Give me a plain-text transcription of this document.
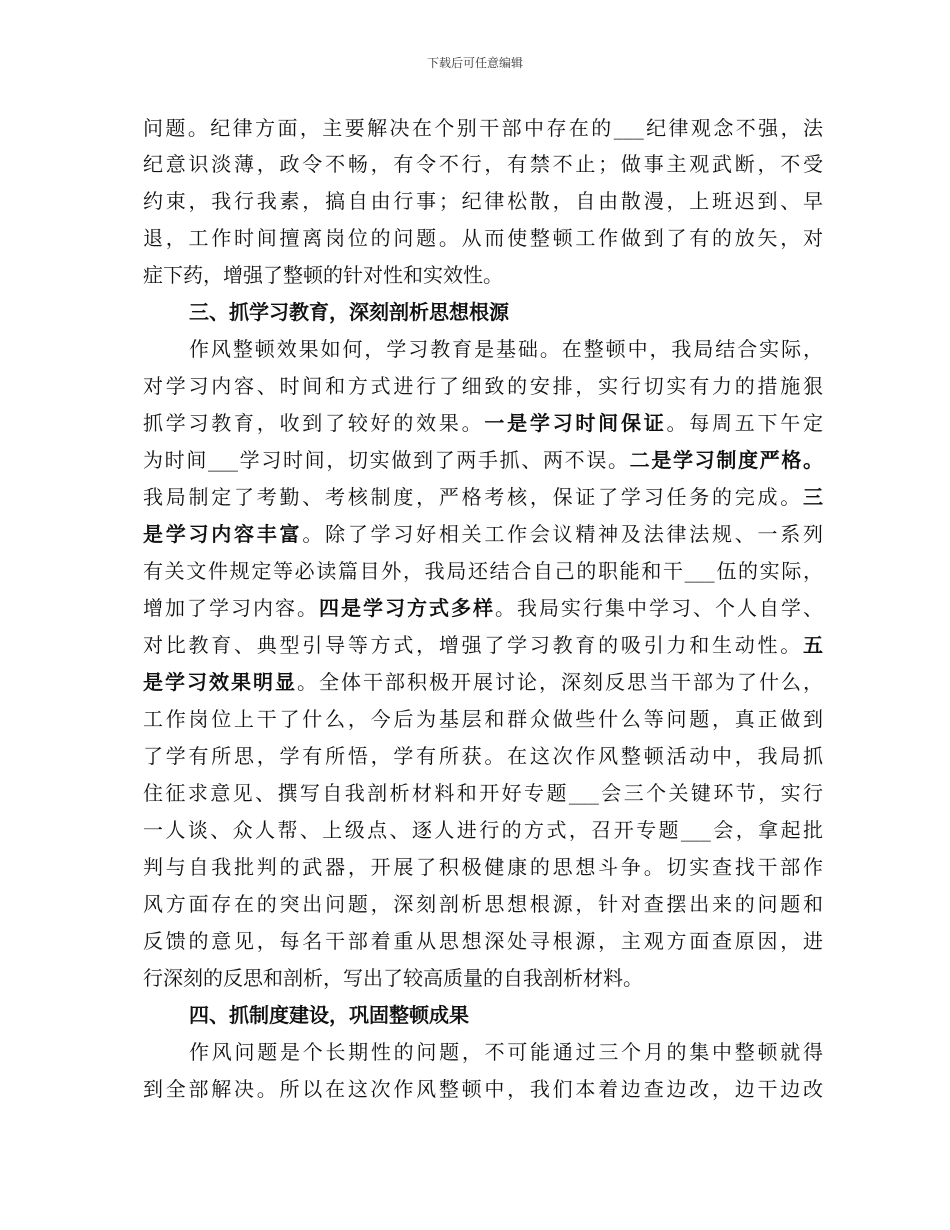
下载后可任意编辑
问题。纪律方面，主要解决在个别干部中存在的___纪律观念不强，法
纪意识淡薄，政令不畅，有令不行，有禁不止；做事主观武断，不受
约束，我行我素，搞自由行事；纪律松散，自由散漫，上班迟到、早
退，工作时间擅离岗位的问题。从而使整顿工作做到了有的放矢，对
症下药，增强了整顿的针对性和实效性。
三、抓学习教育，深刻剖析思想根源
作风整顿效果如何，学习教育是基础。在整顿中，我局结合实际，
对学习内容、时间和方式进行了细致的安排，实行切实有力的措施狠
抓学习教育，收到了较好的效果。一是学习时间保证。每周五下午定
为时间___学习时间，切实做到了两手抓、两不误。二是学习制度严格。
我局制定了考勤、考核制度，严格考核，保证了学习任务的完成。三
是学习内容丰富。除了学习好相关工作会议精神及法律法规、一系列
有关文件规定等必读篇目外，我局还结合自己的职能和干___伍的实际，
增加了学习内容。四是学习方式多样。我局实行集中学习、个人自学、
对比教育、典型引导等方式，增强了学习教育的吸引力和生动性。五
是学习效果明显。全体干部积极开展讨论，深刻反思当干部为了什么，
工作岗位上干了什么，今后为基层和群众做些什么等问题，真正做到
了学有所思，学有所悟，学有所获。在这次作风整顿活动中，我局抓
住征求意见、撰写自我剖析材料和开好专题___会三个关键环节，实行
一人谈、众人帮、上级点、逐人进行的方式，召开专题___会，拿起批
判与自我批判的武器，开展了积极健康的思想斗争。切实查找干部作
风方面存在的突出问题，深刻剖析思想根源，针对查摆出来的问题和
反馈的意见，每名干部着重从思想深处寻根源，主观方面查原因，进
行深刻的反思和剖析，写出了较高质量的自我剖析材料。
四、抓制度建设，巩固整顿成果
作风问题是个长期性的问题，不可能通过三个月的集中整顿就得
到全部解决。所以在这次作风整顿中，我们本着边查边改，边干边改
